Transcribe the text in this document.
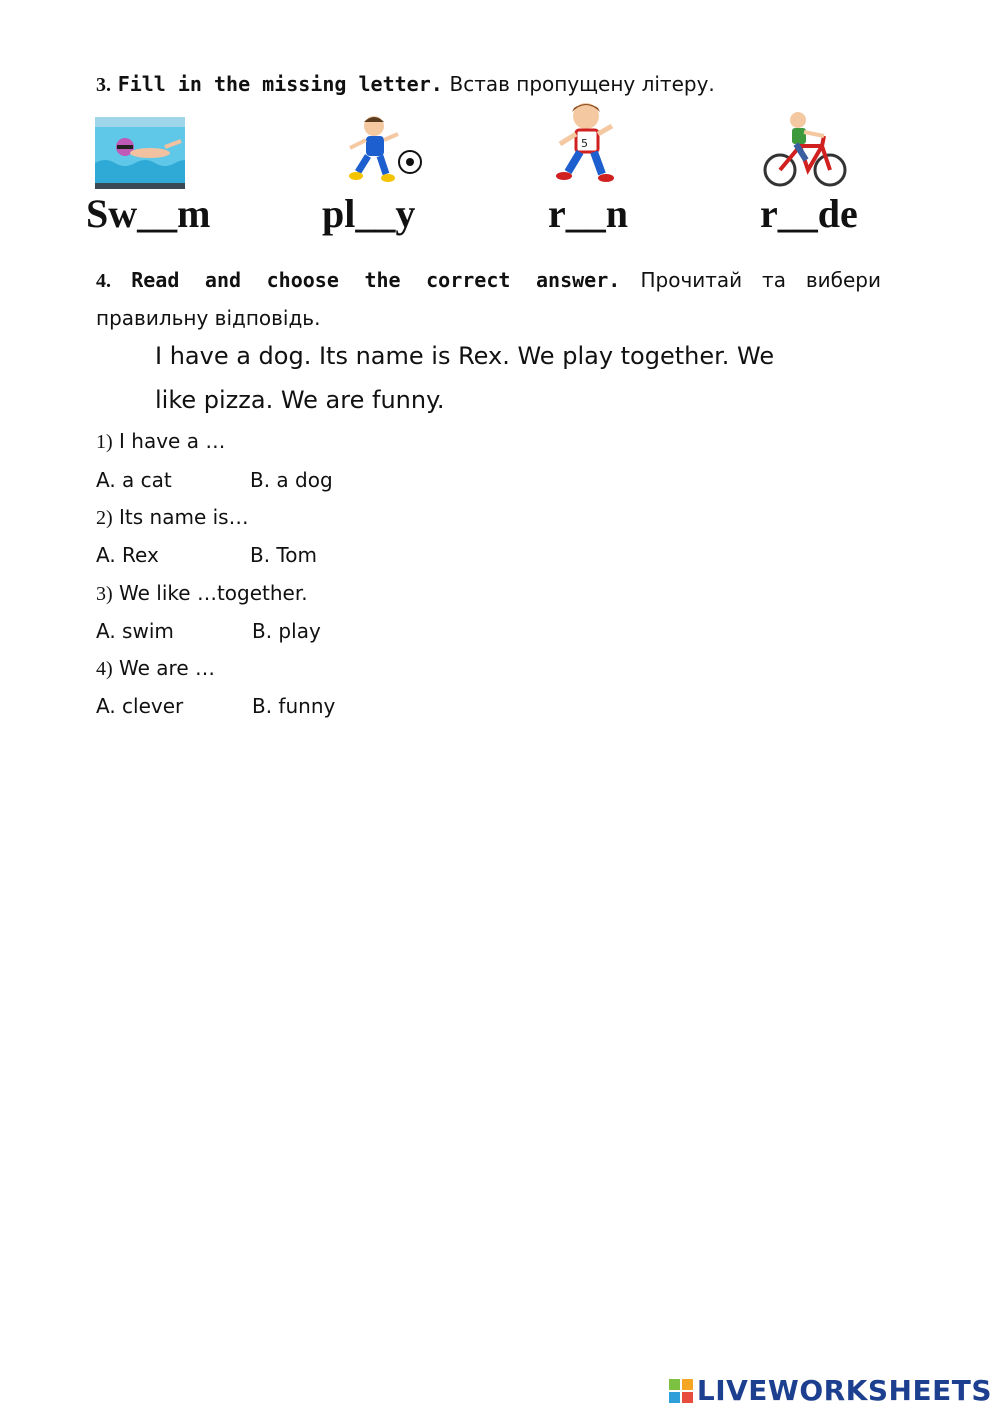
3. Fill in the missing letter. Встав пропущену літеру.
5
Sw__m	pl__y	r__n	r__de
4. Read and choose the correct answer. Прочитай та вибери
правильну відповідь.
I have a dog. Its name is Rex. We play together. We
like pizza. We are funny.
1) I have a …
A. a cat	B. a dog
2) Its name is…
A. Rex	B. Tom
3) We like …together.
A. swim	B. play
4) We are …
A. clever	B. funny
LIVEWORKSHEETS
